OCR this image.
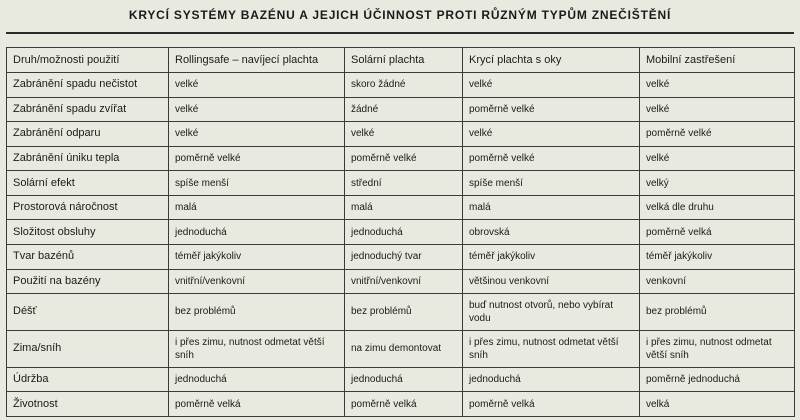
KRYCÍ SYSTÉMY BAZÉNU A JEJICH ÚČINNOST PROTI RŮZNÝM TYPŮM ZNEČIŠTĚNÍ
Druh/možnosti použití	Rollingsafe – navíjecí plachta	Solární plachta	Krycí plachta s oky	Mobilní zastřešení
Zabránění spadu nečistot	velké	skoro žádné	velké	velké
Zabránění spadu zvířat	velké	žádné	poměrně velké	velké
Zabránění odparu	velké	velké	velké	poměrně velké
Zabránění úniku tepla	poměrně velké	poměrně velké	poměrně velké	velké
Solární efekt	spíše menší	střední	spíše menší	velký
Prostorová náročnost	malá	malá	malá	velká dle druhu
Složitost obsluhy	jednoduchá	jednoduchá	obrovská	poměrně velká
Tvar bazénů	téměř jakýkoliv	jednoduchý tvar	téměř jakýkoliv	téměř jakýkoliv
Použití na bazény	vnitřní/venkovní	vnitřní/venkovní	většinou venkovní	venkovní
Déšť	bez problémů	bez problémů	buď nutnost otvorů, nebo vybírat vodu	bez problémů
Zima/sníh	i přes zimu, nutnost odmetat větší sníh	na zimu demontovat	i přes zimu, nutnost odmetat větší sníh	i přes zimu, nutnost odmetat větší sníh
Údržba	jednoduchá	jednoduchá	jednoduchá	poměrně jednoduchá
Životnost	poměrně velká	poměrně velká	poměrně velká	velká
